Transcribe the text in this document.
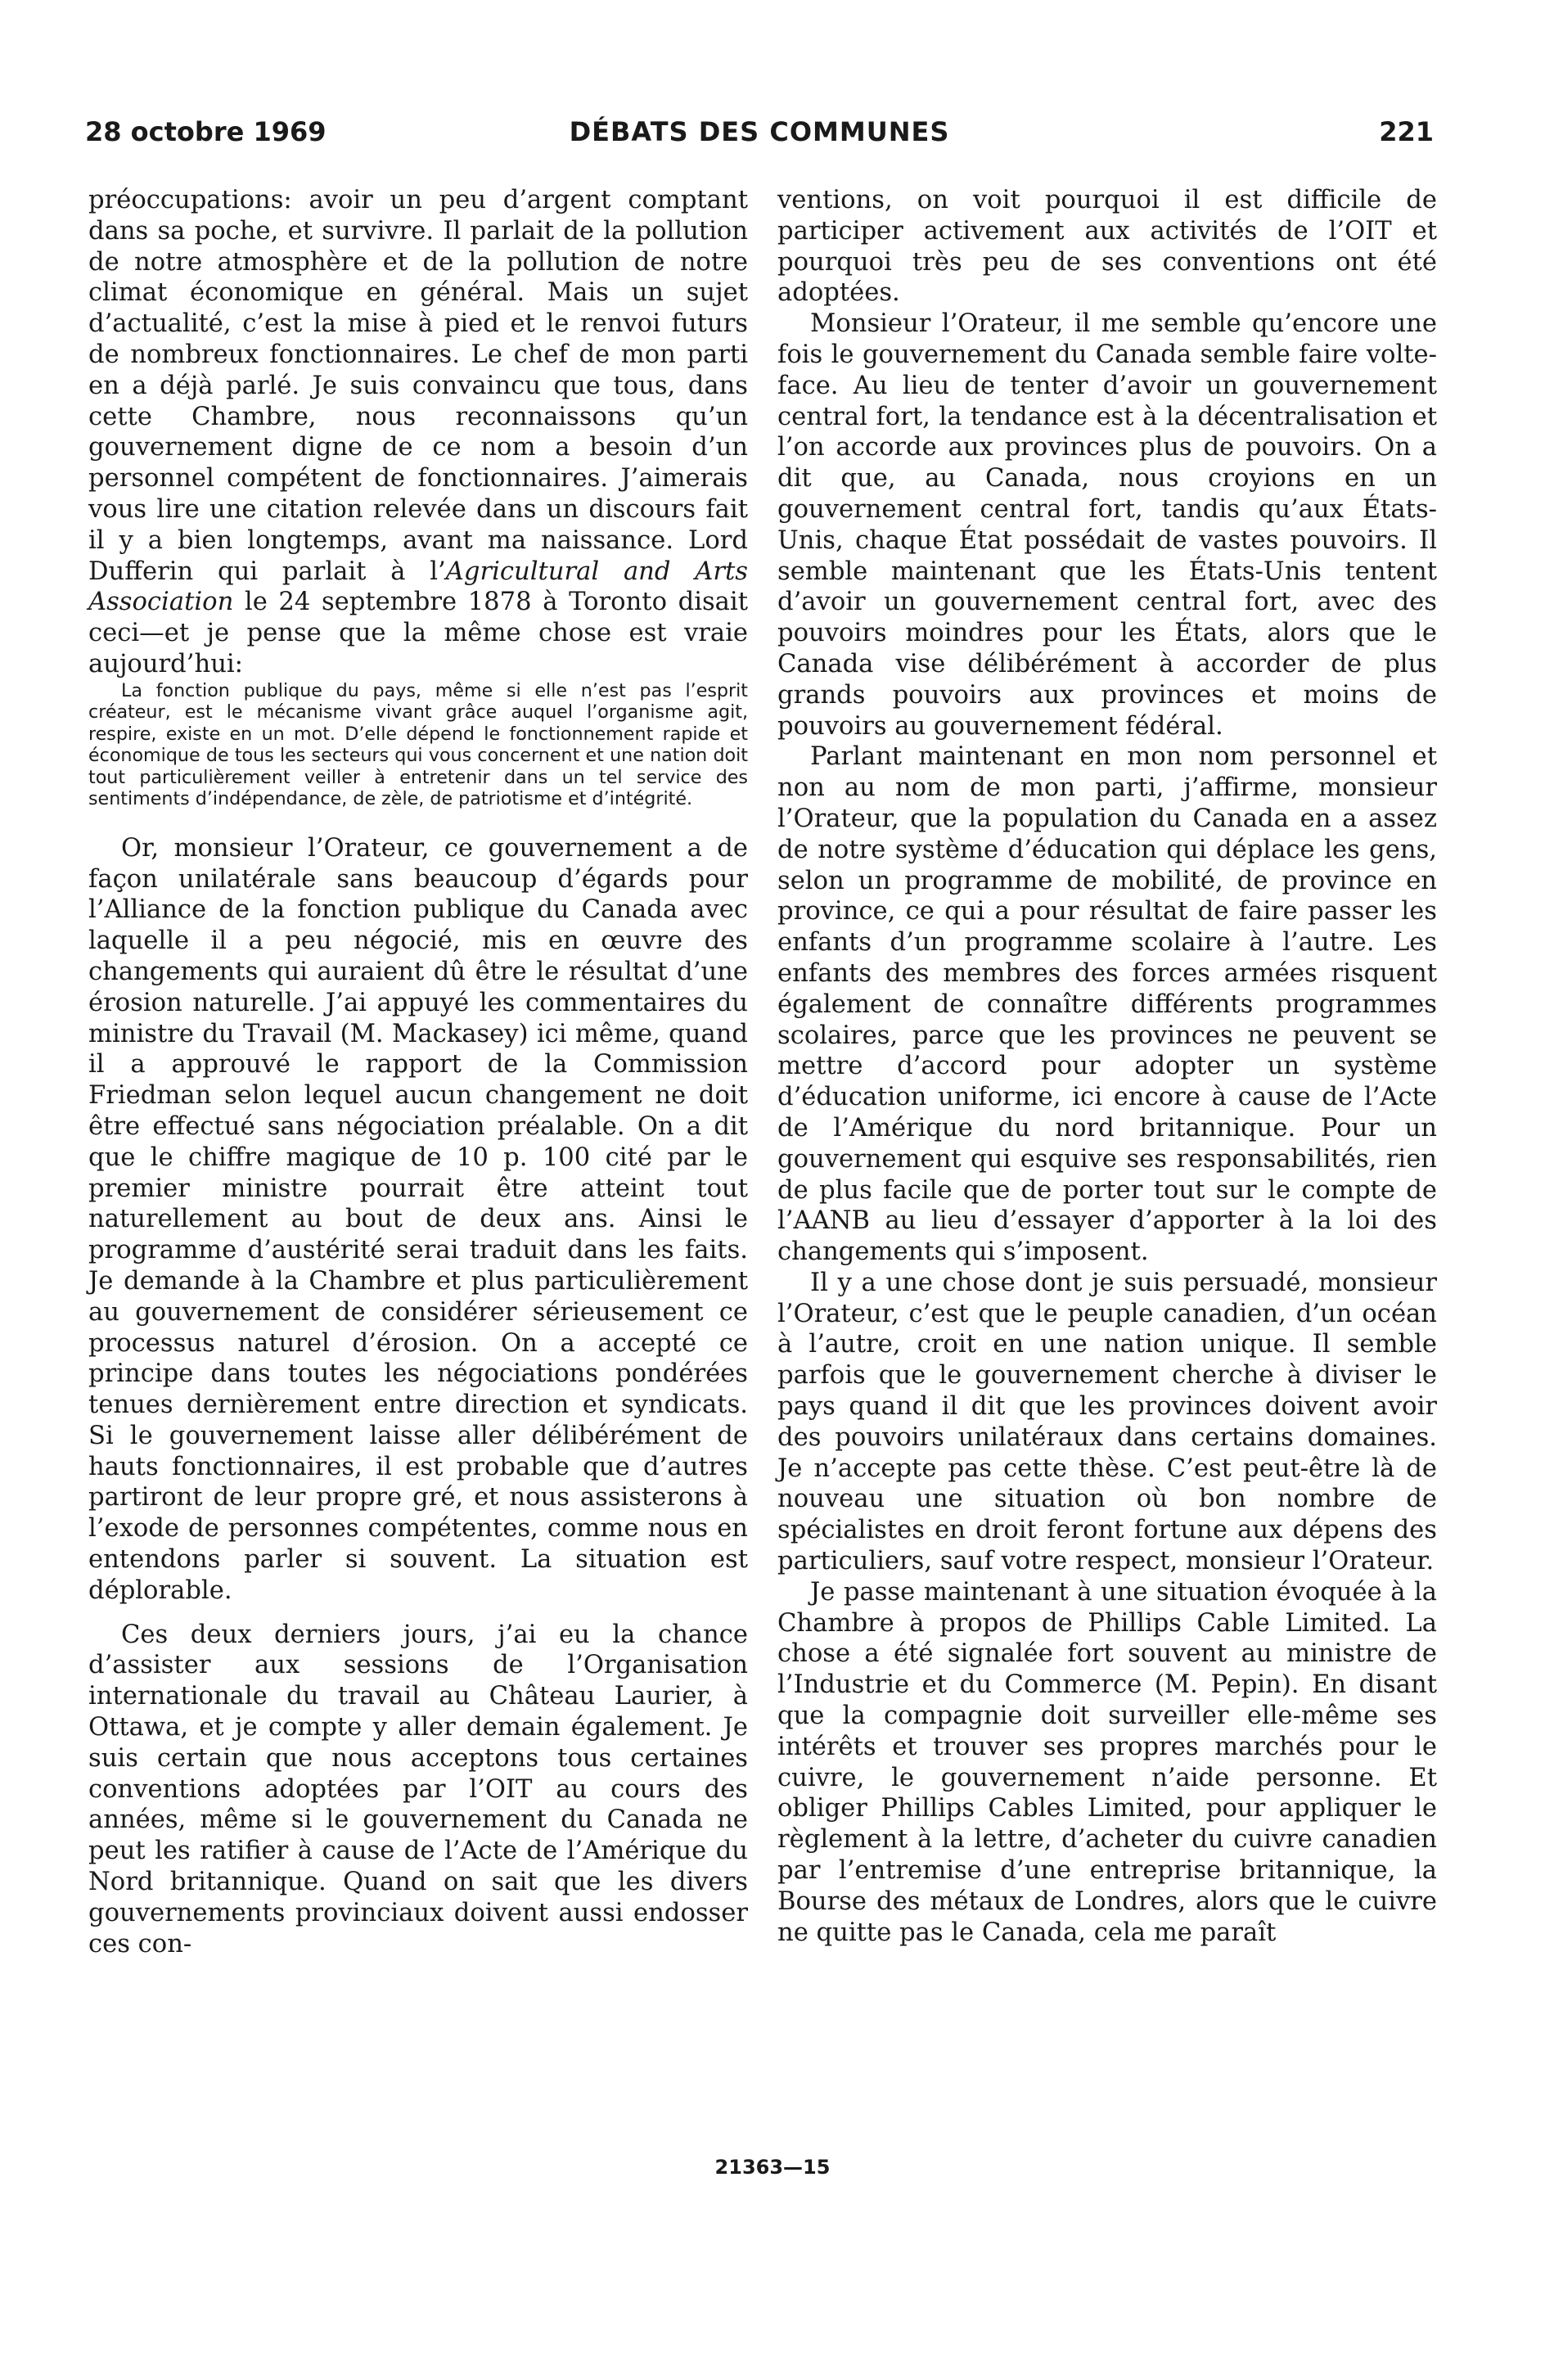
28 octobre 1969	DÉBATS DES COMMUNES	221

préoccupations: avoir un peu d’argent comptant dans sa poche, et survivre. Il parlait de la pollution de notre atmosphère et de la pollution de notre climat économique en général. Mais un sujet d’actualité, c’est la mise à pied et le renvoi futurs de nombreux fonctionnaires. Le chef de mon parti en a déjà parlé. Je suis convaincu que tous, dans cette Chambre, nous reconnaissons qu’un gouvernement digne de ce nom a besoin d’un personnel compétent de fonctionnaires. J’aimerais vous lire une citation relevée dans un discours fait il y a bien longtemps, avant ma naissance. Lord Dufferin qui parlait à l’Agricultural and Arts Association le 24 septembre 1878 à Toronto disait ceci—et je pense que la même chose est vraie aujourd’hui:

La fonction publique du pays, même si elle n’est pas l’esprit créateur, est le mécanisme vivant grâce auquel l’organisme agit, respire, existe en un mot. D’elle dépend le fonctionnement rapide et économique de tous les secteurs qui vous concernent et une nation doit tout particulièrement veiller à entretenir dans un tel service des sentiments d’indépendance, de zèle, de patriotisme et d’intégrité.

Or, monsieur l’Orateur, ce gouvernement a de façon unilatérale sans beaucoup d’égards pour l’Alliance de la fonction publique du Canada avec laquelle il a peu négocié, mis en œuvre des changements qui auraient dû être le résultat d’une érosion naturelle. J’ai appuyé les commentaires du ministre du Travail (M. Mackasey) ici même, quand il a approuvé le rapport de la Commission Friedman selon lequel aucun changement ne doit être effectué sans négociation préalable. On a dit que le chiffre magique de 10 p. 100 cité par le premier ministre pourrait être atteint tout naturellement au bout de deux ans. Ainsi le programme d’austérité serai traduit dans les faits. Je demande à la Chambre et plus particulièrement au gouvernement de considérer sérieusement ce processus naturel d’érosion. On a accepté ce principe dans toutes les négociations pondérées tenues dernièrement entre direction et syndicats. Si le gouvernement laisse aller délibérément de hauts fonctionnaires, il est probable que d’autres partiront de leur propre gré, et nous assisterons à l’exode de personnes compétentes, comme nous en entendons parler si souvent. La situation est déplorable.

Ces deux derniers jours, j’ai eu la chance d’assister aux sessions de l’Organisation internationale du travail au Château Laurier, à Ottawa, et je compte y aller demain également. Je suis certain que nous acceptons tous certaines conventions adoptées par l’OIT au cours des années, même si le gouvernement du Canada ne peut les ratifier à cause de l’Acte de l’Amérique du Nord britannique. Quand on sait que les divers gouvernements provinciaux doivent aussi endosser ces con-

ventions, on voit pourquoi il est difficile de participer activement aux activités de l’OIT et pourquoi très peu de ses conventions ont été adoptées.

Monsieur l’Orateur, il me semble qu’encore une fois le gouvernement du Canada semble faire volte-face. Au lieu de tenter d’avoir un gouvernement central fort, la tendance est à la décentralisation et l’on accorde aux provinces plus de pouvoirs. On a dit que, au Canada, nous croyions en un gouvernement central fort, tandis qu’aux États-Unis, chaque État possédait de vastes pouvoirs. Il semble maintenant que les États-Unis tentent d’avoir un gouvernement central fort, avec des pouvoirs moindres pour les États, alors que le Canada vise délibérément à accorder de plus grands pouvoirs aux provinces et moins de pouvoirs au gouvernement fédéral.

Parlant maintenant en mon nom personnel et non au nom de mon parti, j’affirme, monsieur l’Orateur, que la population du Canada en a assez de notre système d’éducation qui déplace les gens, selon un programme de mobilité, de province en province, ce qui a pour résultat de faire passer les enfants d’un programme scolaire à l’autre. Les enfants des membres des forces armées risquent également de connaître différents programmes scolaires, parce que les provinces ne peuvent se mettre d’accord pour adopter un système d’éducation uniforme, ici encore à cause de l’Acte de l’Amérique du nord britannique. Pour un gouvernement qui esquive ses responsabilités, rien de plus facile que de porter tout sur le compte de l’AANB au lieu d’essayer d’apporter à la loi des changements qui s’imposent.

Il y a une chose dont je suis persuadé, monsieur l’Orateur, c’est que le peuple canadien, d’un océan à l’autre, croit en une nation unique. Il semble parfois que le gouvernement cherche à diviser le pays quand il dit que les provinces doivent avoir des pouvoirs unilatéraux dans certains domaines. Je n’accepte pas cette thèse. C’est peut-être là de nouveau une situation où bon nombre de spécialistes en droit feront fortune aux dépens des particuliers, sauf votre respect, monsieur l’Orateur.

Je passe maintenant à une situation évoquée à la Chambre à propos de Phillips Cable Limited. La chose a été signalée fort souvent au ministre de l’Industrie et du Commerce (M. Pepin). En disant que la compagnie doit surveiller elle-même ses intérêts et trouver ses propres marchés pour le cuivre, le gouvernement n’aide personne. Et obliger Phillips Cables Limited, pour appliquer le règlement à la lettre, d’acheter du cuivre canadien par l’entremise d’une entreprise britannique, la Bourse des métaux de Londres, alors que le cuivre ne quitte pas le Canada, cela me paraît

21363—15
